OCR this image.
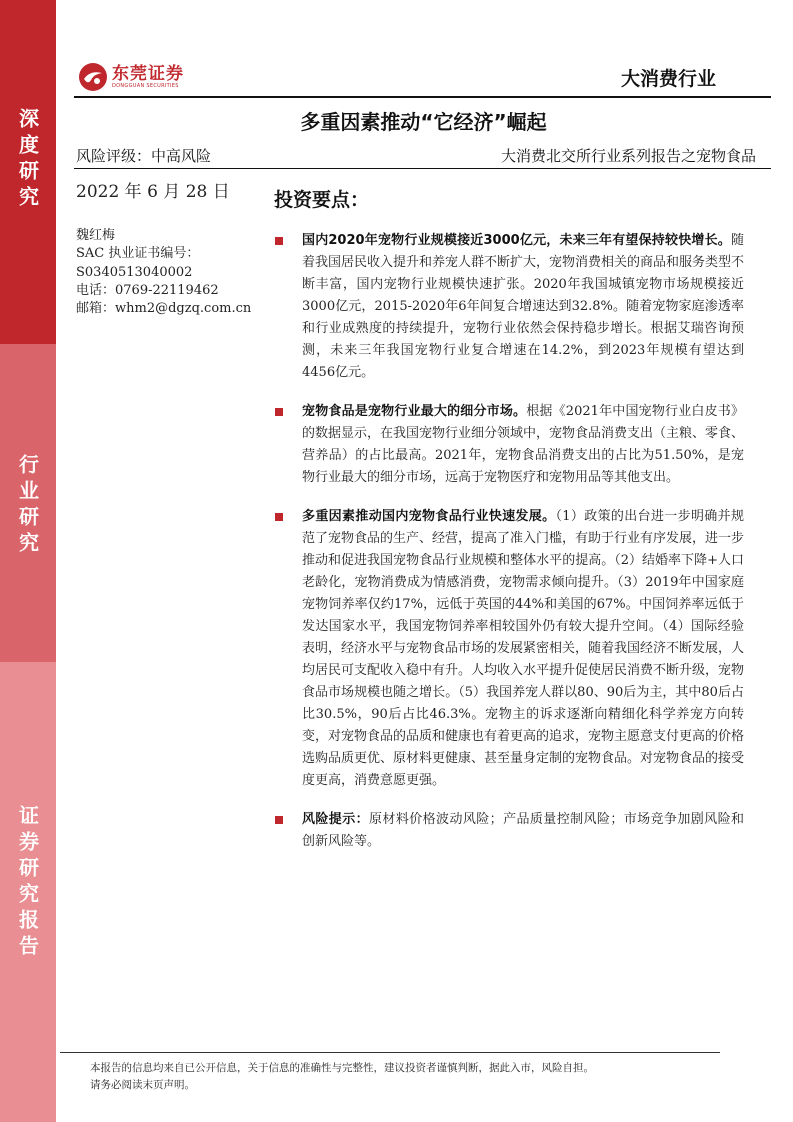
深度研究
行业研究
证券研究报告
东莞证券
DONGGUAN SECURITIES	大消费行业
多重因素推动“它经济”崛起
风险评级：中高风险	大消费北交所行业系列报告之宠物食品
2022 年 6 月 28 日
魏红梅
SAC 执业证书编号：
S0340513040002
电话：0769-22119462
邮箱：whm2@dgzq.com.cn
投资要点：
国内2020年宠物行业规模接近3000亿元，未来三年有望保持较快增长。随着我国居民收入提升和养宠人群不断扩大，宠物消费相关的商品和服务类型不断丰富，国内宠物行业规模快速扩张。2020年我国城镇宠物市场规模接近3000亿元，2015-2020年6年间复合增速达到32.8%。随着宠物家庭渗透率和行业成熟度的持续提升，宠物行业依然会保持稳步增长。根据艾瑞咨询预测，未来三年我国宠物行业复合增速在14.2%，到2023年规模有望达到4456亿元。
宠物食品是宠物行业最大的细分市场。根据《2021年中国宠物行业白皮书》的数据显示，在我国宠物行业细分领域中，宠物食品消费支出（主粮、零食、营养品）的占比最高。2021年，宠物食品消费支出的占比为51.50%，是宠物行业最大的细分市场，远高于宠物医疗和宠物用品等其他支出。
多重因素推动国内宠物食品行业快速发展。（1）政策的出台进一步明确并规范了宠物食品的生产、经营，提高了准入门槛，有助于行业有序发展，进一步推动和促进我国宠物食品行业规模和整体水平的提高。（2）结婚率下降+人口老龄化，宠物消费成为情感消费，宠物需求倾向提升。（3）2019年中国家庭宠物饲养率仅约17%，远低于英国的44%和美国的67%。中国饲养率远低于发达国家水平，我国宠物饲养率相较国外仍有较大提升空间。（4）国际经验表明，经济水平与宠物食品市场的发展紧密相关，随着我国经济不断发展，人均居民可支配收入稳中有升。人均收入水平提升促使居民消费不断升级，宠物食品市场规模也随之增长。（5）我国养宠人群以80、90后为主，其中80后占比30.5%，90后占比46.3%。宠物主的诉求逐渐向精细化科学养宠方向转变，对宠物食品的品质和健康也有着更高的追求，宠物主愿意支付更高的价格选购品质更优、原材料更健康、甚至量身定制的宠物食品。对宠物食品的接受度更高，消费意愿更强。
风险提示：原材料价格波动风险；产品质量控制风险；市场竞争加剧风险和创新风险等。
本报告的信息均来自已公开信息，关于信息的准确性与完整性，建议投资者谨慎判断，据此入市，风险自担。
请务必阅读末页声明。
